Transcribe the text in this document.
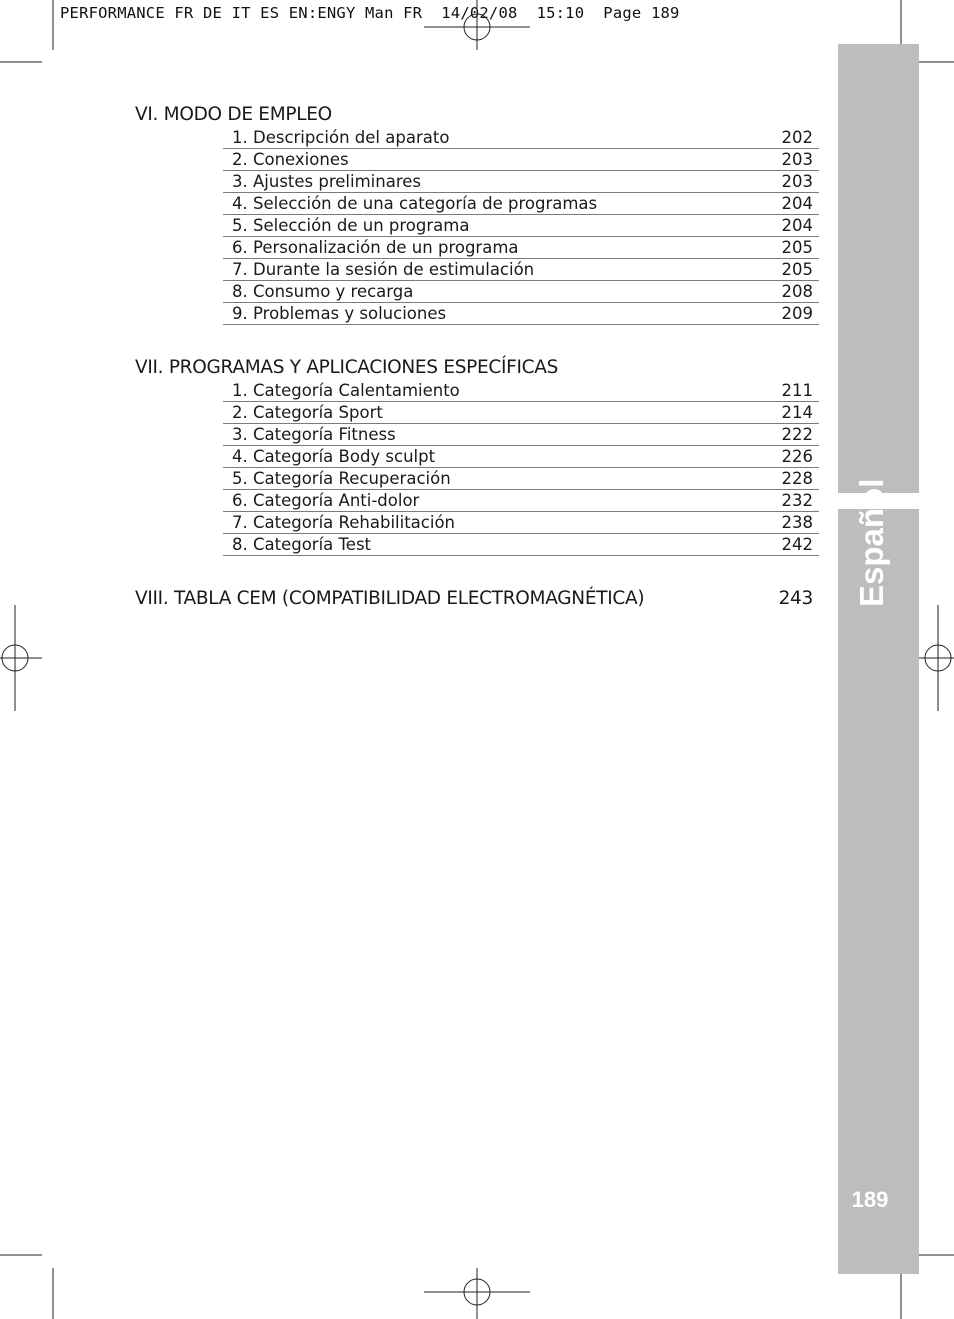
PERFORMANCE FR DE IT ES EN:ENGY Man FR  14/02/08  15:10  Page 189
Español
189
VI. MODO DE EMPLEO
1. Descripción del aparato	202
2. Conexiones	203
3. Ajustes preliminares	203
4. Selección de una categoría de programas	204
5. Selección de un programa	204
6. Personalización de un programa	205
7. Durante la sesión de estimulación	205
8. Consumo y recarga	208
9. Problemas y soluciones	209
VII. PROGRAMAS Y APLICACIONES ESPECÍFICAS
1. Categoría Calentamiento	211
2. Categoría Sport	214
3. Categoría Fitness	222
4. Categoría Body sculpt	226
5. Categoría Recuperación	228
6. Categoría Anti-dolor	232
7. Categoría Rehabilitación	238
8. Categoría Test	242
VIII. TABLA CEM (COMPATIBILIDAD ELECTROMAGNÉTICA)	243
